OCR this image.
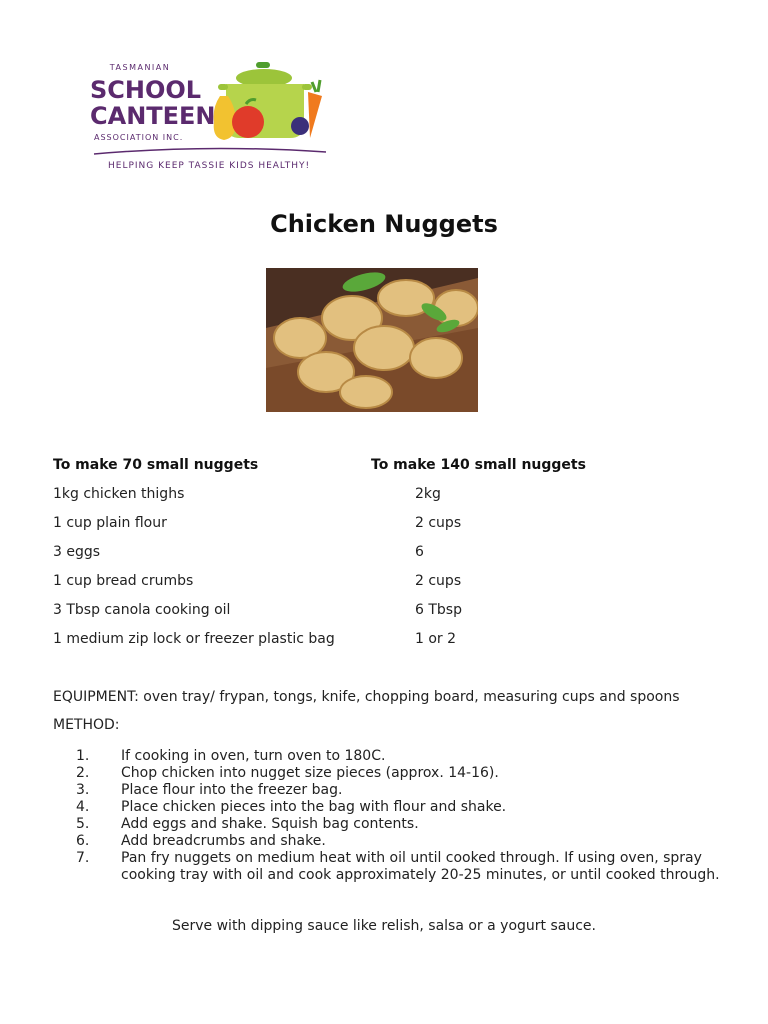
TASMANIAN
SCHOOL
CANTEEN
ASSOCIATION INC.
HELPING KEEP TASSIE KIDS HEALTHY!
Chicken Nuggets
To make 70 small nuggets	To make 140 small nuggets
1kg chicken thighs	2kg
1 cup plain flour	2 cups
3 eggs	6
1 cup bread crumbs	2 cups
3 Tbsp canola cooking oil	6 Tbsp
1 medium zip lock or freezer plastic bag	1 or 2
EQUIPMENT: oven tray/ frypan, tongs, knife, chopping board, measuring cups and spoons
METHOD:
1. If cooking in oven, turn oven to 180C.
2. Chop chicken into nugget size pieces (approx. 14-16).
3. Place flour into the freezer bag.
4. Place chicken pieces into the bag with flour and shake.
5. Add eggs and shake. Squish bag contents.
6. Add breadcrumbs and shake.
7. Pan fry nuggets on medium heat with oil until cooked through. If using oven, spray cooking tray with oil and cook approximately 20-25 minutes, or until cooked through.
Serve with dipping sauce like relish, salsa or a yogurt sauce.
